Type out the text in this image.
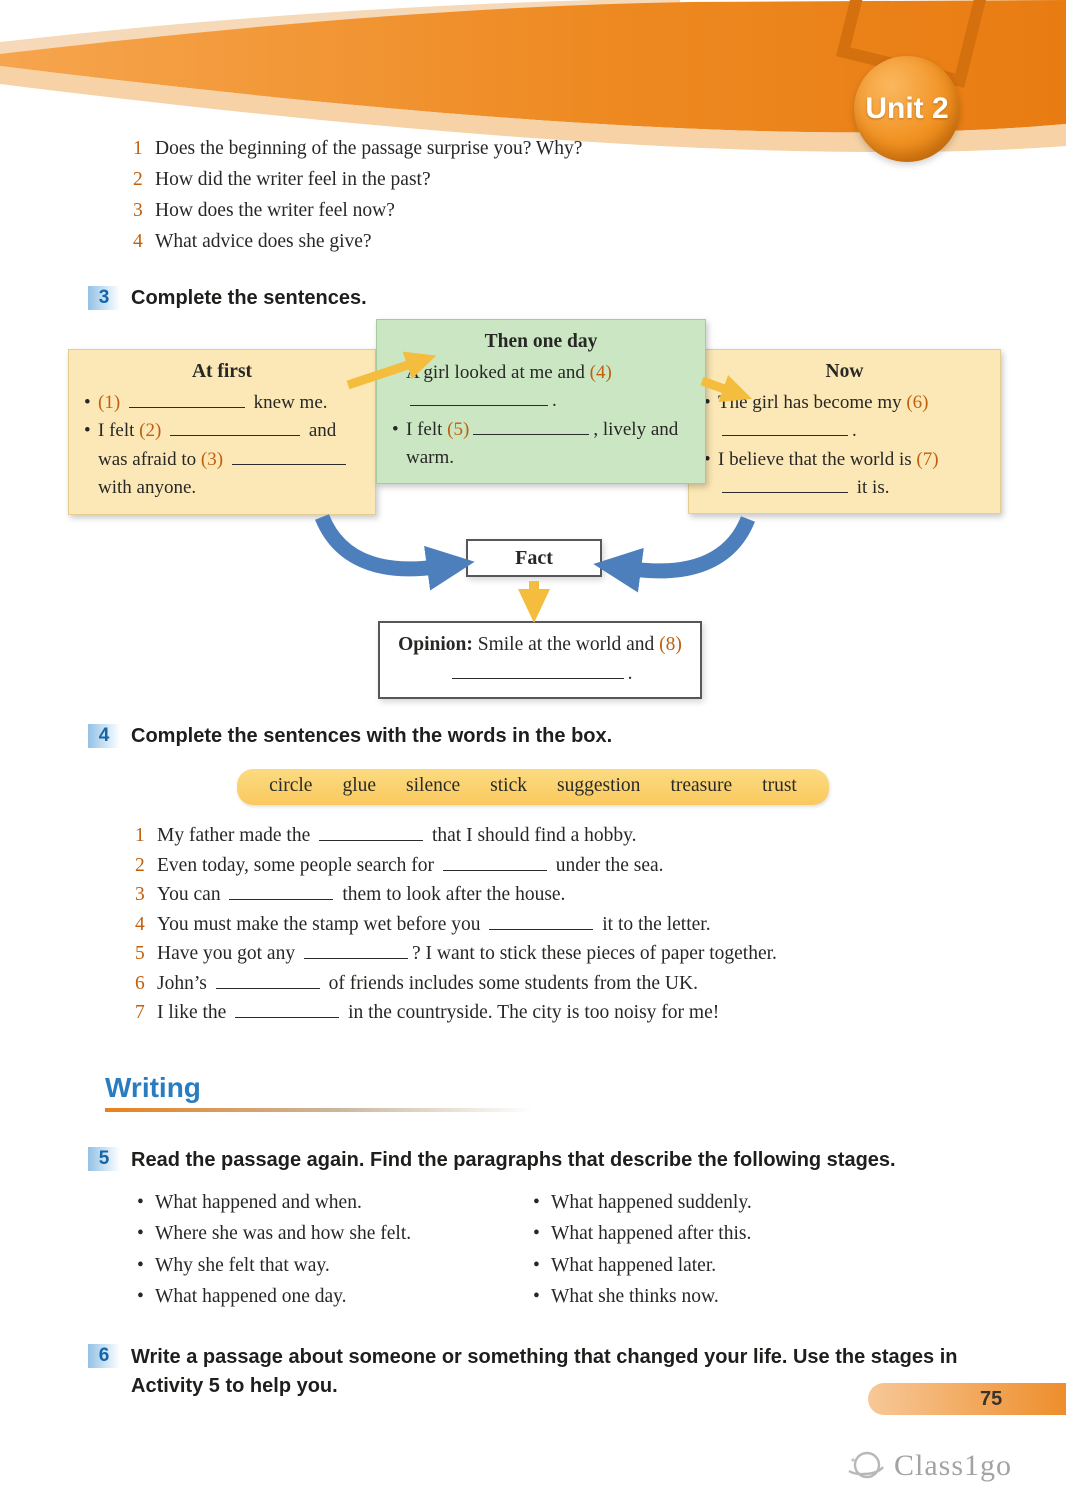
Unit 2
1 Does the beginning of the passage surprise you? Why?
2 How did the writer feel in the past?
3 How does the writer feel now?
4 What advice does she give?
3	Complete the sentences.
At first
• (1)	knew me.
• I felt (2)	and was afraid to (3)  with anyone.
Then one day
• A girl looked at me and (4) .
• I felt (5)	, lively and warm.
Now
• The girl has become my (6) .
• I believe that the world is (7)  it is.
Fact
Opinion: Smile at the world and (8) .
4	Complete the sentences with the words in the box.
circle glue silence stick suggestion treasure trust
1 My father made the	that I should find a hobby.
2 Even today, some people search for	under the sea.
3 You can	them to look after the house.
4 You must make the stamp wet before you	it to the letter.
5 Have you got any	? I want to stick these pieces of paper together.
6 John’s	of friends includes some students from the UK.
7 I like the	in the countryside. The city is too noisy for me!
Writing
5	Read the passage again. Find the paragraphs that describe the following stages.
• What happened and when.
• Where she was and how she felt.
• Why she felt that way.
• What happened one day.
• What happened suddenly.
• What happened after this.
• What happened later.
• What she thinks now.
6	Write a passage about someone or something that changed your life. Use the stages in Activity 5 to help you.
75
Class1go
